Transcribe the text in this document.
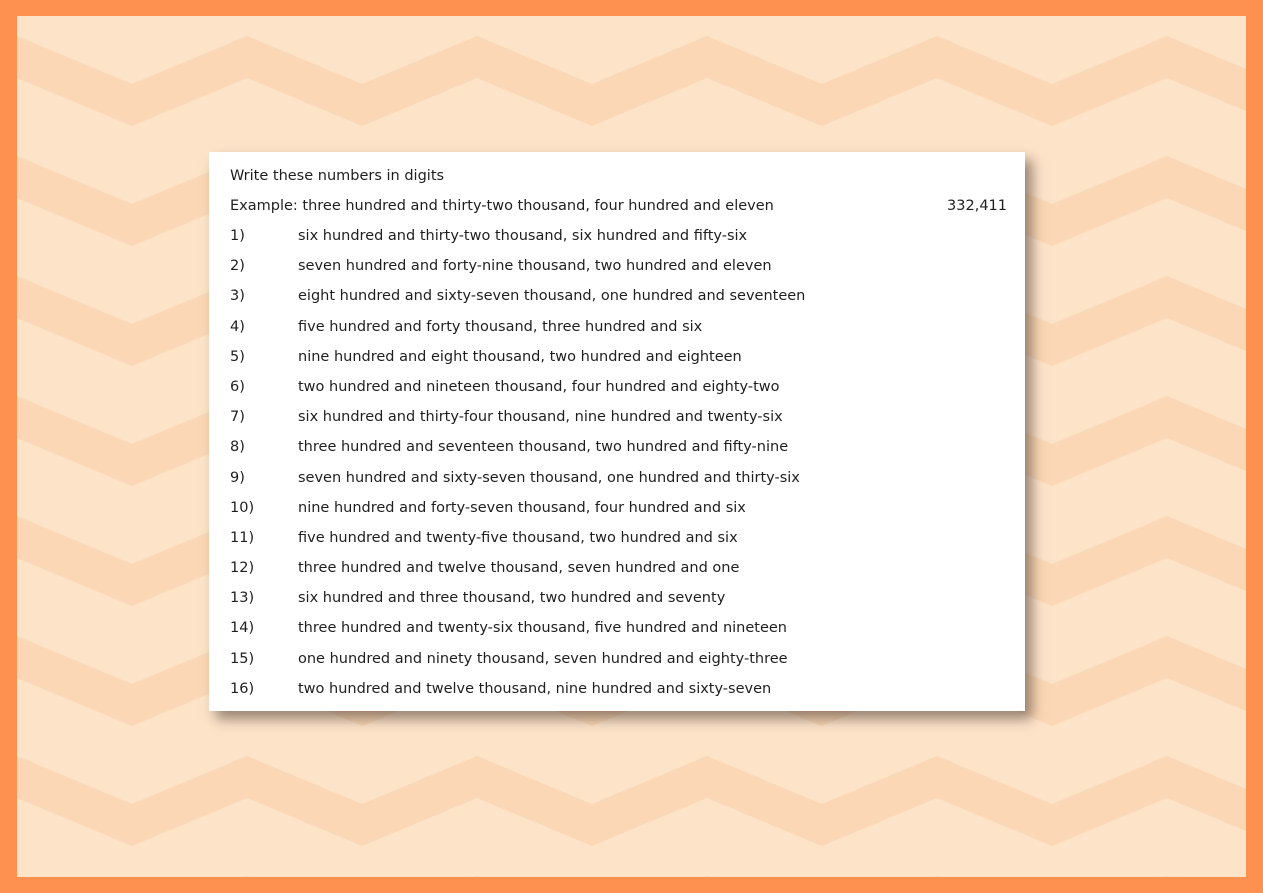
Write these numbers in digits
Example: three hundred and thirty-two thousand, four hundred and eleven	332,411
1)	six hundred and thirty-two thousand, six hundred and fifty-six
2)	seven hundred and forty-nine thousand, two hundred and eleven
3)	eight hundred and sixty-seven thousand, one hundred and seventeen
4)	five hundred and forty thousand, three hundred and six
5)	nine hundred and eight thousand, two hundred and eighteen
6)	two hundred and nineteen thousand, four hundred and eighty-two
7)	six hundred and thirty-four thousand, nine hundred and twenty-six
8)	three hundred and seventeen thousand, two hundred and fifty-nine
9)	seven hundred and sixty-seven thousand, one hundred and thirty-six
10)	nine hundred and forty-seven thousand, four hundred and six
11)	five hundred and twenty-five thousand, two hundred and six
12)	three hundred and twelve thousand, seven hundred and one
13)	six hundred and three thousand, two hundred and seventy
14)	three hundred and twenty-six thousand, five hundred and nineteen
15)	one hundred and ninety thousand, seven hundred and eighty-three
16)	two hundred and twelve thousand, nine hundred and sixty-seven
